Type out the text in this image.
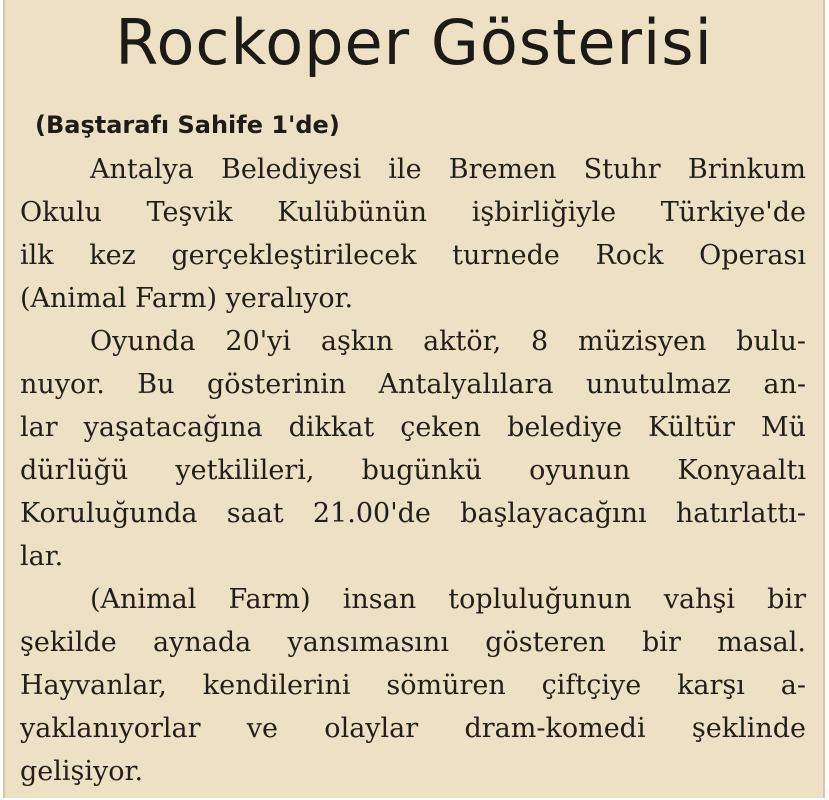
Rockoper Gösterisi
(Baştarafı Sahife 1'de)
Antalya Belediyesi ile Bremen Stuhr Brinkum
Okulu Teşvik Kulübünün işbirliğiyle Türkiye'de
ilk kez gerçekleştirilecek turnede Rock Operası
(Animal Farm) yeralıyor.
Oyunda 20'yi aşkın aktör, 8 müzisyen bulu-
nuyor. Bu gösterinin Antalyalılara unutulmaz an-
lar yaşatacağına dikkat çeken belediye Kültür Mü
dürlüğü yetkilileri, bugünkü oyunun Konyaaltı
Koruluğunda saat 21.00'de başlayacağını hatırlattı-
lar.
(Animal Farm) insan topluluğunun vahşi bir
şekilde aynada yansımasını gösteren bir masal.
Hayvanlar, kendilerini sömüren çiftçiye karşı a-
yaklanıyorlar ve olaylar dram-komedi şeklinde
gelişiyor.
